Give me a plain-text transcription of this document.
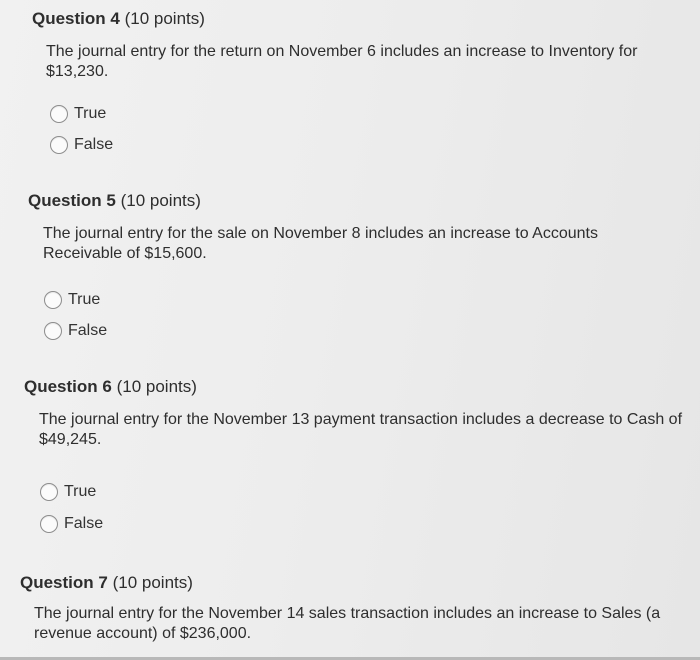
Question 4 (10 points)

The journal entry for the return on November 6 includes an increase to Inventory for $13,230.

True
False

Question 5 (10 points)

The journal entry for the sale on November 8 includes an increase to Accounts Receivable of $15,600.

True
False

Question 6 (10 points)

The journal entry for the November 13 payment transaction includes a decrease to Cash of $49,245.

True
False

Question 7 (10 points)

The journal entry for the November 14 sales transaction includes an increase to Sales (a revenue account) of $236,000.
